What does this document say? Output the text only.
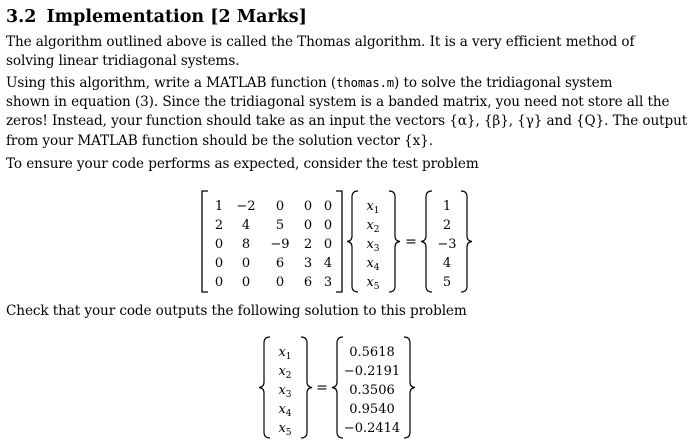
3.2 Implementation [2 Marks]
The algorithm outlined above is called the Thomas algorithm. It is a very efficient method of
solving linear tridiagonal systems.
Using this algorithm, write a MATLAB function (thomas.m) to solve the tridiagonal system
shown in equation (3). Since the tridiagonal system is a banded matrix, you need not store all the
zeros! Instead, your function should take as an input the vectors {α}, {β}, {γ} and {Q}. The output
from your MATLAB function should be the solution vector {x}.
To ensure your code performs as expected, consider the test problem
1 −2 0 0 0
2 4 5 0 0
0 8 −9 2 0
0 0 6 3 4
0 0 0 6 3
$x_1$
$x_2$
$x_3$
$x_4$
$x_5$
=
1
2
−3
4
5
$x_1$
$x_2$
$x_3$
$x_4$
$x_5$
=
0.5618
−0.2191
0.3506
0.9540
−0.2414
Check that your code outputs the following solution to this problem
